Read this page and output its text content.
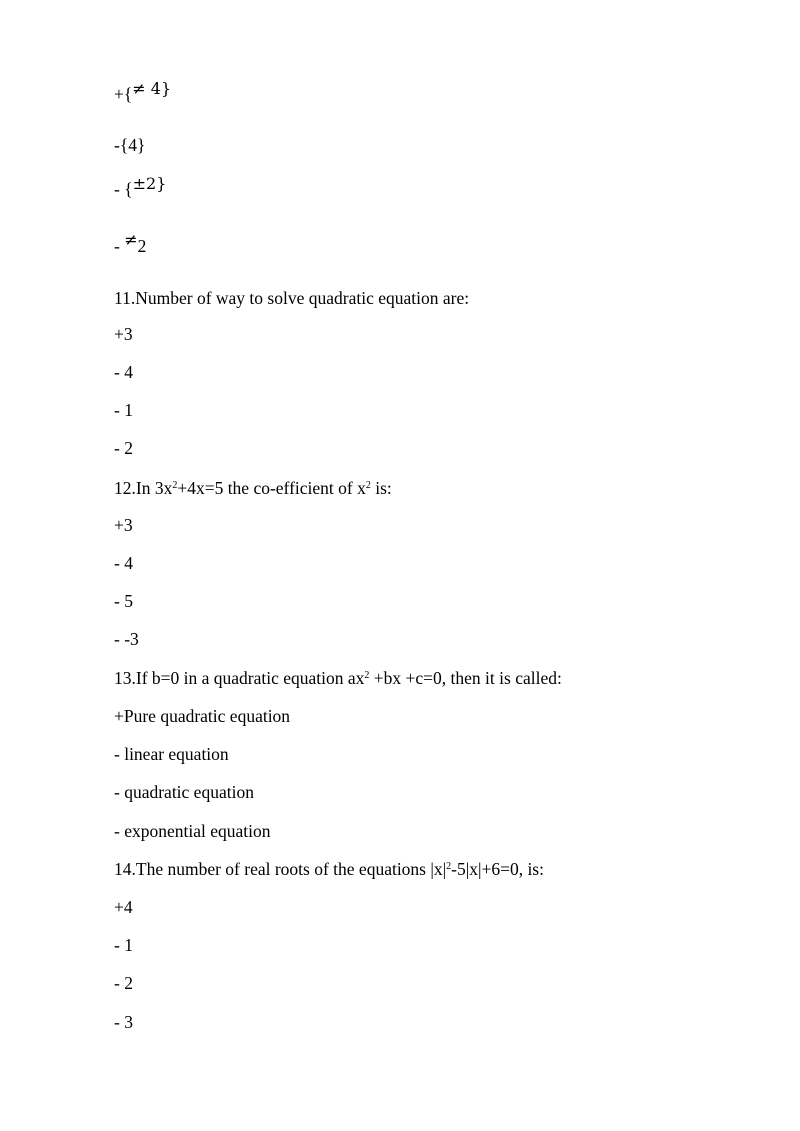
+{≠ 4}

-{4}

- {±2}

- ≠2

11.Number of way to solve quadratic equation are:

+3

- 4

- 1

- 2

12.In $3x^2+4x=5$ the co-efficient of $x^2$ is:

+3

- 4

- 5

- -3

13.If b=0 in a quadratic equation $ax^2 +bx +c=0$, then it is called:

+Pure quadratic equation

- linear equation

- quadratic equation

- exponential equation

14.The number of real roots of the equations $|x|^2-5|x|+6=0$, is:

+4

- 1

- 2

- 3
